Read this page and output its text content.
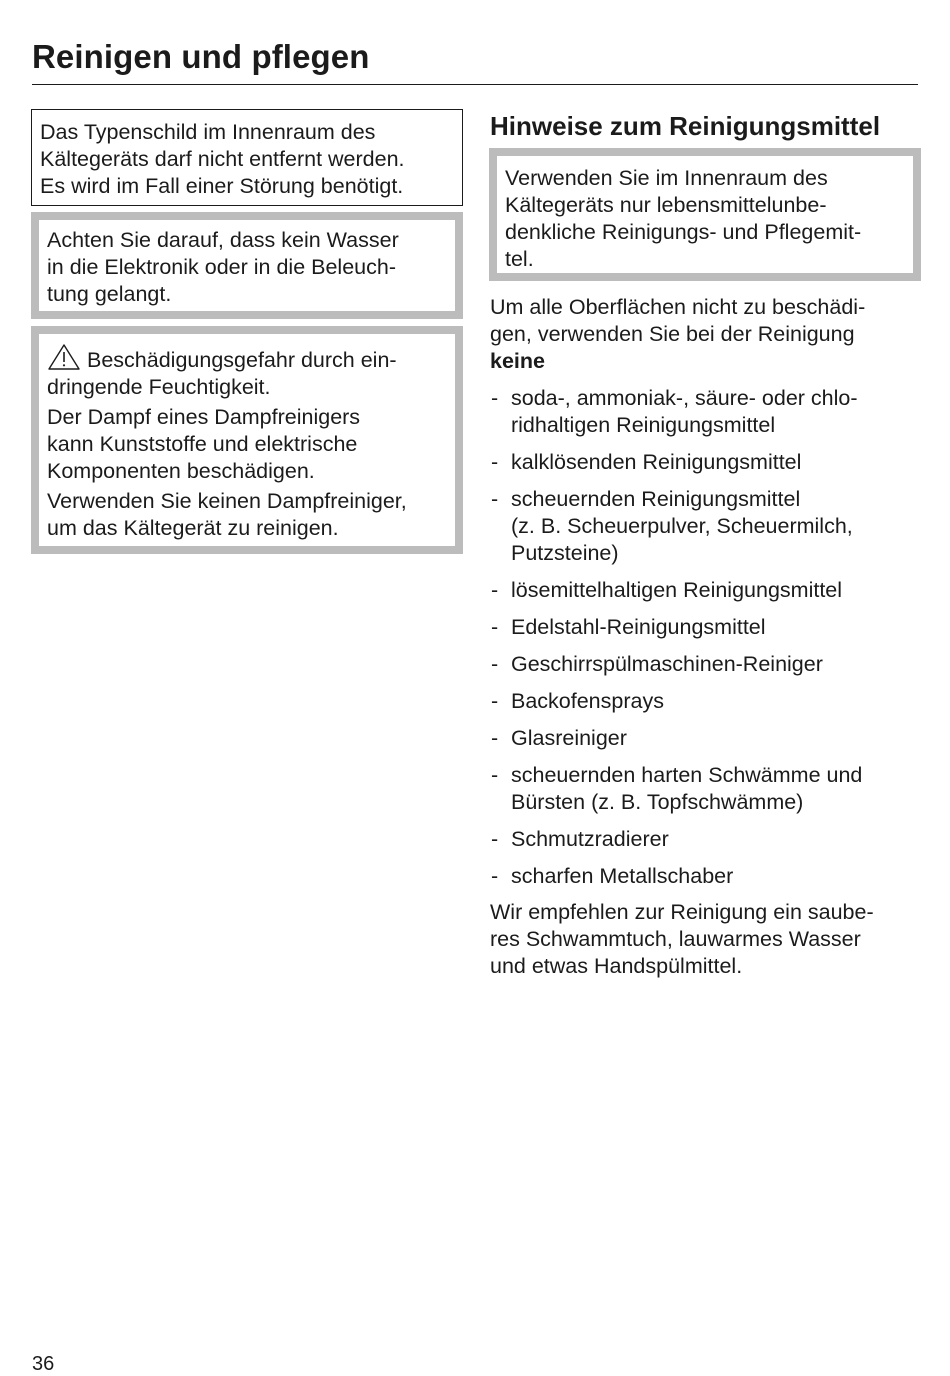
Reinigen und pflegen
Das Typenschild im Innenraum des
Kältegeräts darf nicht entfernt werden.
Es wird im Fall einer Störung benötigt.
Achten Sie darauf, dass kein Wasser
in die Elektronik oder in die Beleuch-
tung gelangt.

Beschädigungsgefahr durch ein-
dringende Feuchtigkeit.

Der Dampf eines Dampfreinigers
kann Kunststoffe und elektrische
Komponenten beschädigen.

Verwenden Sie keinen Dampfreiniger,
um das Kältegerät zu reinigen.

Hinweise zum Reinigungsmittel
Verwenden Sie im Innenraum des
Kältegeräts nur lebensmittelunbe-
denkliche Reinigungs- und Pflegemit-
tel.
Um alle Oberflächen nicht zu beschädi-
gen, verwenden Sie bei der Reinigung
keine
- soda-, ammoniak-, säure- oder chlo-
ridhaltigen Reinigungsmittel
- kalklösenden Reinigungsmittel
- scheuernden Reinigungsmittel
(z. B. Scheuerpulver, Scheuermilch,
Putzsteine)
- lösemittelhaltigen Reinigungsmittel
- Edelstahl-Reinigungsmittel
- Geschirrspülmaschinen-Reiniger
- Backofensprays
- Glasreiniger
- scheuernden harten Schwämme und
Bürsten (z. B. Topfschwämme)
- Schmutzradierer
- scharfen Metallschaber
Wir empfehlen zur Reinigung ein saube-
res Schwammtuch, lauwarmes Wasser
und etwas Handspülmittel.
36
